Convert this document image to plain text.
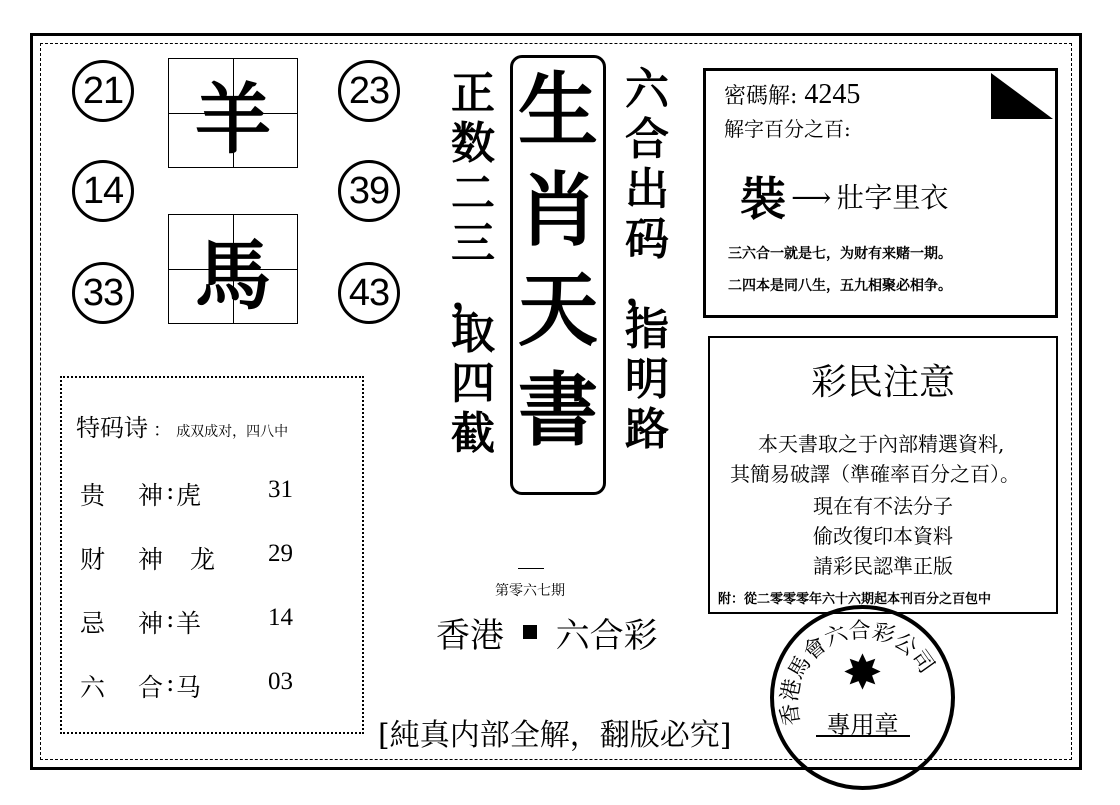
21
14
33
羊
馬
23
39
43
正
数
二
三
，
取
四
截
生
肖
天
書
六
合
出
码
，
指
明
路
密碼解: 4245
解字百分之百:
裝 ⟶ 壯字里衣
三六合一就是七，为财有来赌一期。
二四本是同八生，五九相聚必相争。
彩民注意
本天書取之于內部精選資料,
其簡易破譯（準確率百分之百）。
現在有不法分子
偷改復印本資料
請彩民認準正版
附：從二零零零年六十六期起本刊百分之百包中
特码诗 ： 成双成对，四八中
贵 神 : 虎	31
财 神 龙 29
忌 神 : 羊	14
六 合 : 马	03
第零六七期
香港 六合彩
[純真内部全解，翻版必究]
香港馬會六合彩公司
✸
專用章
